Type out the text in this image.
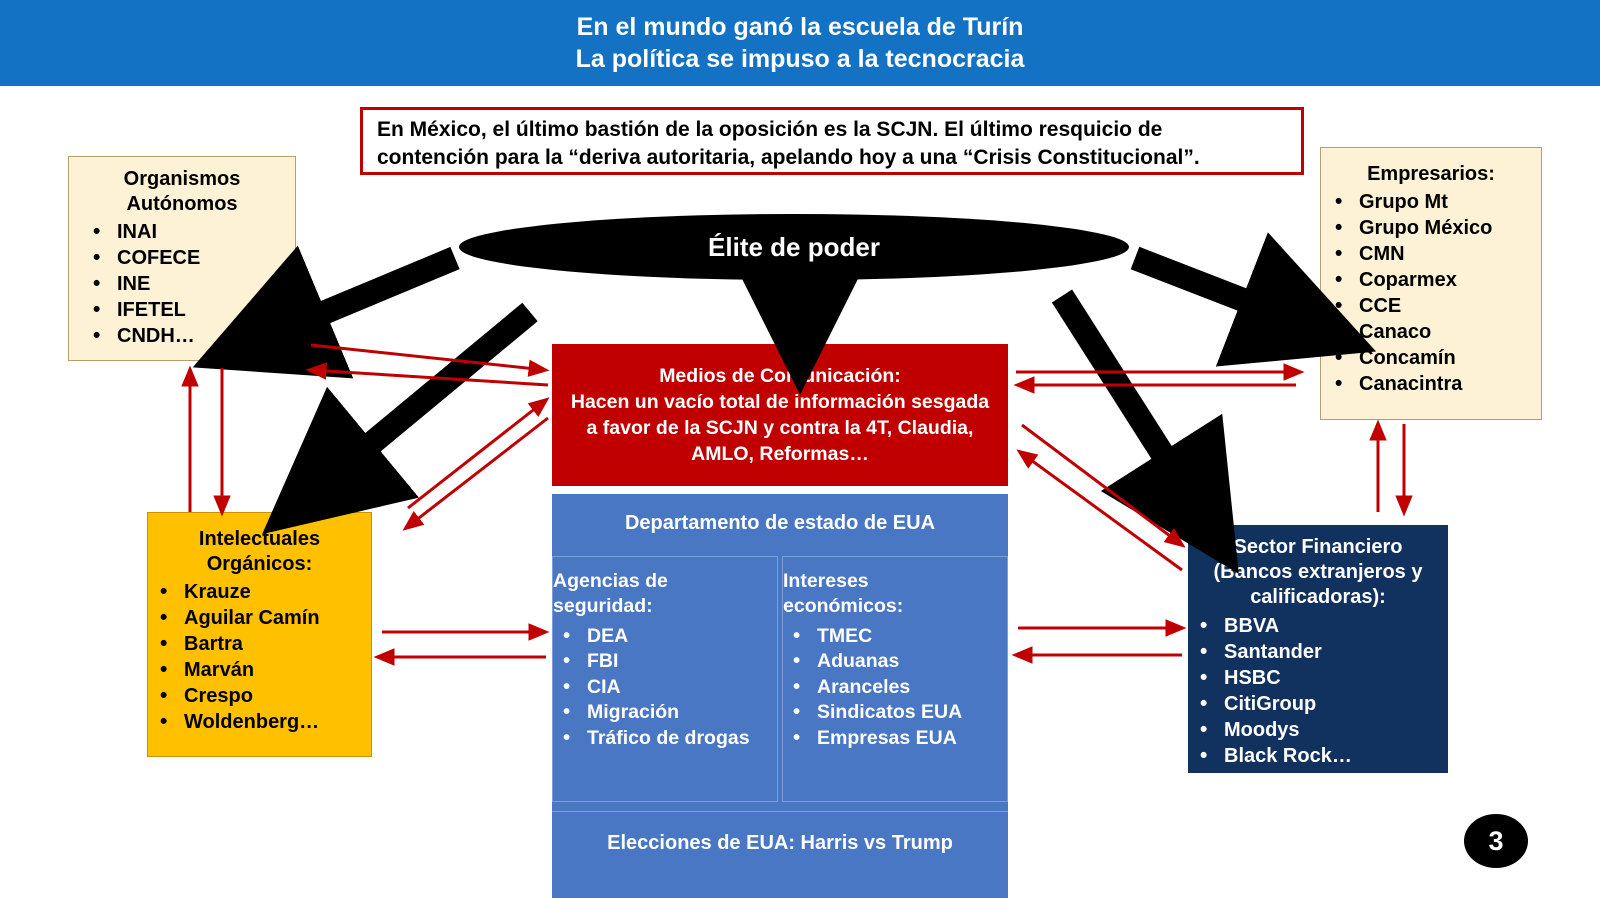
En el mundo ganó la escuela de Turín
La política se impuso a la tecnocracia
En México, el último bastión de la oposición es la SCJN. El último resquicio de
contención para la “deriva autoritaria, apelando hoy a una “Crisis Constitucional”.
Organismos
Autónomos
• INAI
• COFECE
• INE
• IFETEL
• CNDH…
Empresarios:
• Grupo Mt
• Grupo México
• CMN
• Coparmex
• CCE
• Canaco
• Concamín
• Canacintra
Élite de poder
Medios de Comunicación:
Hacen un vacío total de información sesgada
a favor de la SCJN y contra la 4T, Claudia,
AMLO, Reformas…
Intelectuales
Orgánicos:
• Krauze
• Aguilar Camín
• Bartra
• Marván
• Crespo
• Woldenberg…
Sector Financiero
(Bancos extranjeros y
calificadoras):
• BBVA
• Santander
• HSBC
• CitiGroup
• Moodys
• Black Rock…
Departamento de estado de EUA
Agencias de
seguridad:
• DEA
• FBI
• CIA
• Migración
• Tráfico de drogas
Intereses
económicos:
• TMEC
• Aduanas
• Aranceles
• Sindicatos EUA
• Empresas EUA
Elecciones de EUA: Harris vs Trump	3
